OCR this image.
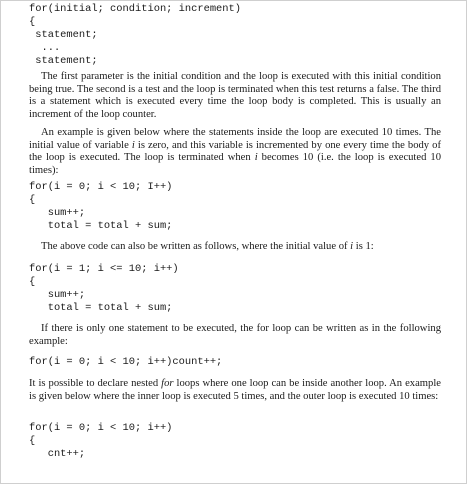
for(initial; condition; increment)
{
statement;
...
statement;

The first parameter is the initial condition and the loop is executed with this initial condition being true. The second is a test and the loop is terminated when this test returns a false. The third is a statement which is executed every time the loop body is completed. This is usually an increment of the loop counter.

An example is given below where the statements inside the loop are executed 10 times. The initial value of variable i is zero, and this variable is incremented by one every time the body of the loop is executed. The loop is terminated when i becomes 10 (i.e. the loop is executed 10 times):

for(i = 0; i < 10; I++)
{
sum++;
total = total + sum;

The above code can also be written as follows, where the initial value of i is 1:

for(i = 1; i <= 10; i++)
{
sum++;
total = total + sum;

If there is only one statement to be executed, the for loop can be written as in the following example:

for(i = 0; i < 10; i++)count++;

It is possible to declare nested for loops where one loop can be inside another loop. An example is given below where the inner loop is executed 5 times, and the outer loop is executed 10 times:

for(i = 0; i < 10; i++)
{
cnt++;
